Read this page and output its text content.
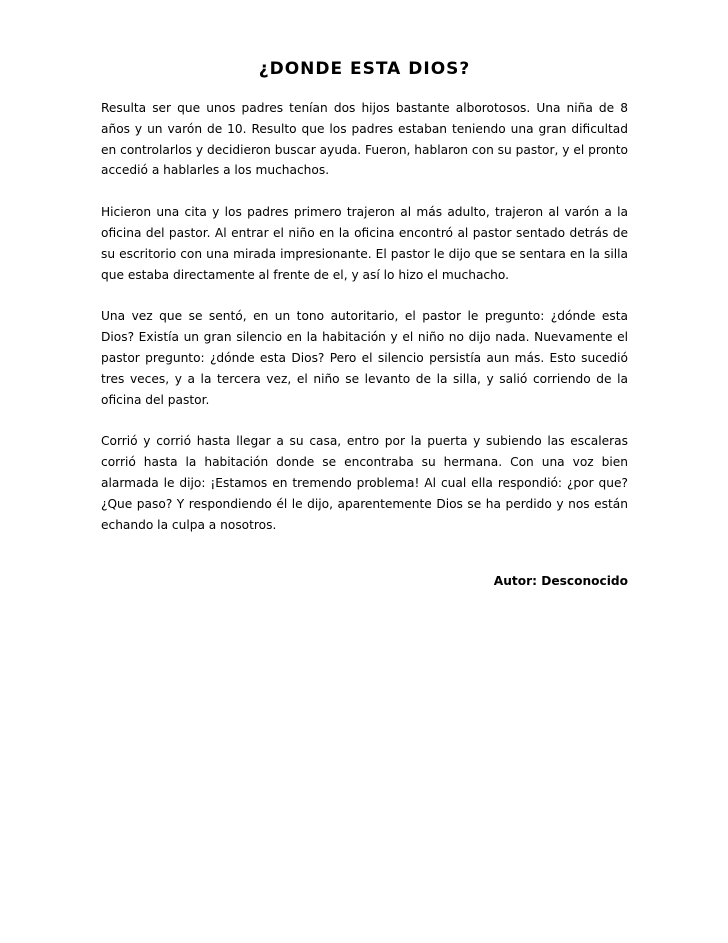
¿DONDE ESTA DIOS?

Resulta ser que unos padres tenían dos hijos bastante alborotosos. Una niña de 8 años y un varón de 10. Resulto que los padres estaban teniendo una gran dificultad en controlarlos y decidieron buscar ayuda. Fueron, hablaron con su pastor, y el pronto accedió a hablarles a los muchachos.

Hicieron una cita y los padres primero trajeron al más adulto, trajeron al varón a la oficina del pastor. Al entrar el niño en la oficina encontró al pastor sentado detrás de su escritorio con una mirada impresionante. El pastor le dijo que se sentara en la silla que estaba directamente al frente de el, y así lo hizo el muchacho.

Una vez que se sentó, en un tono autoritario, el pastor le pregunto: ¿dónde esta Dios? Existía un gran silencio en la habitación y el niño no dijo nada. Nuevamente el pastor pregunto: ¿dónde esta Dios? Pero el silencio persistía aun más. Esto sucedió tres veces, y a la tercera vez, el niño se levanto de la silla, y salió corriendo de la oficina del pastor.

Corrió y corrió hasta llegar a su casa, entro por la puerta y subiendo las escaleras corrió hasta la habitación donde se encontraba su hermana. Con una voz bien alarmada le dijo: ¡Estamos en tremendo problema! Al cual ella respondió: ¿por que? ¿Que paso? Y respondiendo él le dijo, aparentemente Dios se ha perdido y nos están echando la culpa a nosotros.

Autor: Desconocido
